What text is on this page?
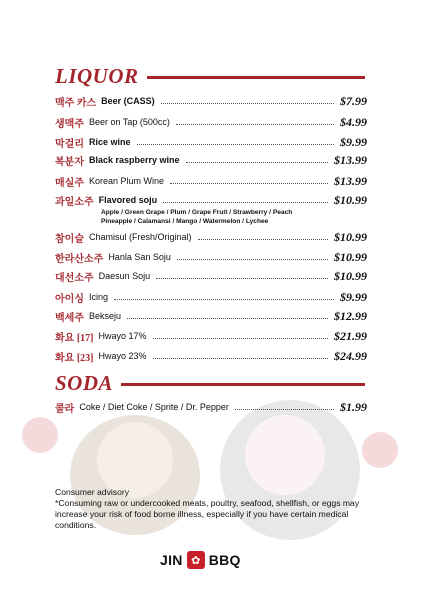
LIQUOR
맥주 카스 Beer (CASS)	$7.99
생맥주 Beer on Tap (500cc)	$4.99
막걸리 Rice wine	$9.99
복분자 Black raspberry wine	$13.99
매실주 Korean Plum Wine	$13.99
과일소주 Flavored soju	$10.99
Apple / Green Grape / Plum / Grape Fruit / Strawberry / Peach
Pineapple / Calamansi / Mango / Watermelon / Lychee
참이슬 Chamisul (Fresh/Original)	$10.99
한라산소주 Hanla San Soju	$10.99
대선소주 Daesun Soju	$10.99
아이싱 Icing	$9.99
백세주 Bekseju	$12.99
화요 [17] Hwayo 17%	$21.99
화요 [23] Hwayo 23%	$24.99
SODA
콜라 Coke / Diet Coke / Sprite / Dr. Pepper	$1.99

Consumer advisory

*Consuming raw or undercooked meats, poultry, seafood, shellfish, or eggs may increase your risk of food borne illness, especially if you have certain medical conditions.

JIN ✿ BBQ
